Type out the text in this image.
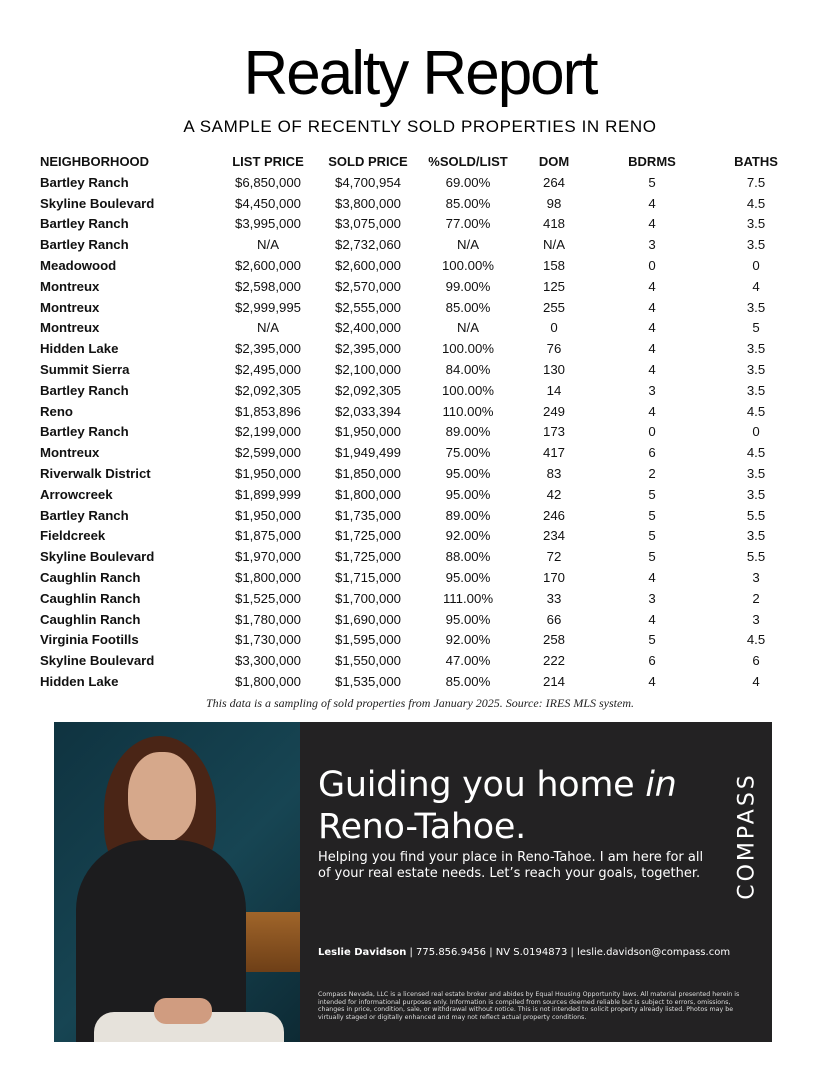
Realty Report
A SAMPLE OF RECENTLY SOLD PROPERTIES IN RENO
NEIGHBORHOOD	LIST PRICE	SOLD PRICE	%SOLD/LIST	DOM	BDRMS	BATHS
Bartley Ranch	$6,850,000	$4,700,954	69.00%	264	5	7.5
Skyline Boulevard	$4,450,000	$3,800,000	85.00%	98	4	4.5
Bartley Ranch	$3,995,000	$3,075,000	77.00%	418	4	3.5
Bartley Ranch	N/A	$2,732,060	N/A	N/A	3	3.5
Meadowood	$2,600,000	$2,600,000	100.00%	158	0	0
Montreux	$2,598,000	$2,570,000	99.00%	125	4	4
Montreux	$2,999,995	$2,555,000	85.00%	255	4	3.5
Montreux	N/A	$2,400,000	N/A	0	4	5
Hidden Lake	$2,395,000	$2,395,000	100.00%	76	4	3.5
Summit Sierra	$2,495,000	$2,100,000	84.00%	130	4	3.5
Bartley Ranch	$2,092,305	$2,092,305	100.00%	14	3	3.5
Reno	$1,853,896	$2,033,394	110.00%	249	4	4.5
Bartley Ranch	$2,199,000	$1,950,000	89.00%	173	0	0
Montreux	$2,599,000	$1,949,499	75.00%	417	6	4.5
Riverwalk District	$1,950,000	$1,850,000	95.00%	83	2	3.5
Arrowcreek	$1,899,999	$1,800,000	95.00%	42	5	3.5
Bartley Ranch	$1,950,000	$1,735,000	89.00%	246	5	5.5
Fieldcreek	$1,875,000	$1,725,000	92.00%	234	5	3.5
Skyline Boulevard	$1,970,000	$1,725,000	88.00%	72	5	5.5
Caughlin Ranch	$1,800,000	$1,715,000	95.00%	170	4	3
Caughlin Ranch	$1,525,000	$1,700,000	111.00%	33	3	2
Caughlin Ranch	$1,780,000	$1,690,000	95.00%	66	4	3
Virginia Footills	$1,730,000	$1,595,000	92.00%	258	5	4.5
Skyline Boulevard	$3,300,000	$1,550,000	47.00%	222	6	6
Hidden Lake	$1,800,000	$1,535,000	85.00%	214	4	4
This data is a sampling of sold properties from January 2025. Source: IRES MLS system.
Guiding you home in
Reno-Tahoe.
Helping you find your place in Reno-Tahoe. I am here for all of your real estate needs. Let’s reach your goals, together.	COMPASS
Leslie Davidson | 775.856.9456 | NV S.0194873 | leslie.davidson@compass.com
Compass Nevada, LLC is a licensed real estate broker and abides by Equal Housing Opportunity laws. All material presented herein is intended for informational purposes only. Information is compiled from sources deemed reliable but is subject to errors, omissions, changes in price, condition, sale, or withdrawal without notice. This is not intended to solicit property already listed. Photos may be virtually staged or digitally enhanced and may not reflect actual property conditions.
